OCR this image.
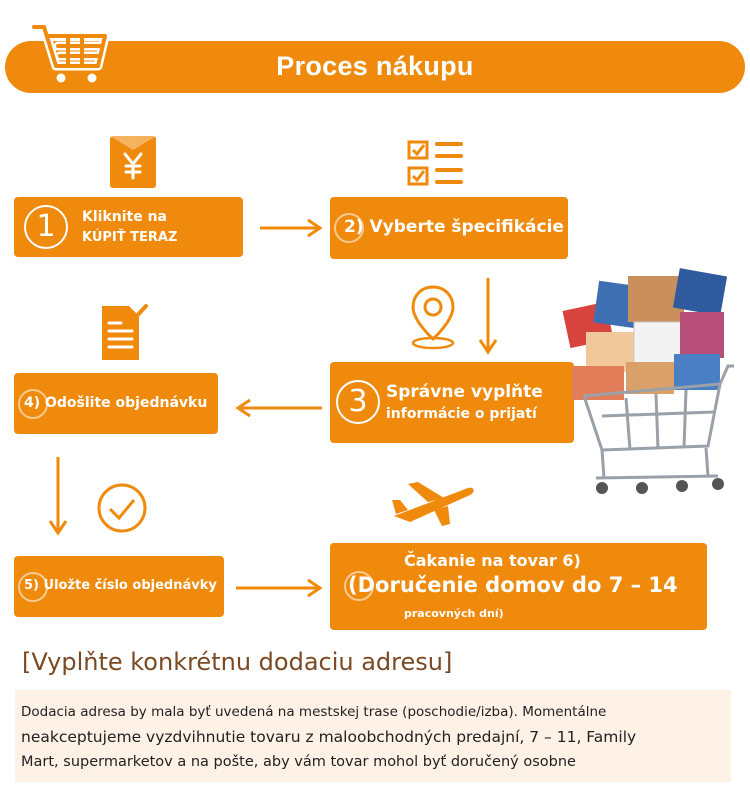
Proces nákupu
1	Kliknite na
KÚPIŤ TERAZ
2) Vyberte špecifikácie
3	Správne vyplňte
informácie o prijatí
4) Odošlite objednávku
5) Uložte číslo objednávky
Čakanie na tovar 6)
(Doručenie domov do 7 – 14
pracovných dní)
[Vyplňte konkrétnu dodaciu adresu]
Dodacia adresa by mala byť uvedená na mestskej trase (poschodie/izba). Momentálne
neakceptujeme vyzdvihnutie tovaru z maloobchodných predajní, 7 – 11, Family
Mart, supermarketov a na pošte, aby vám tovar mohol byť doručený osobne
